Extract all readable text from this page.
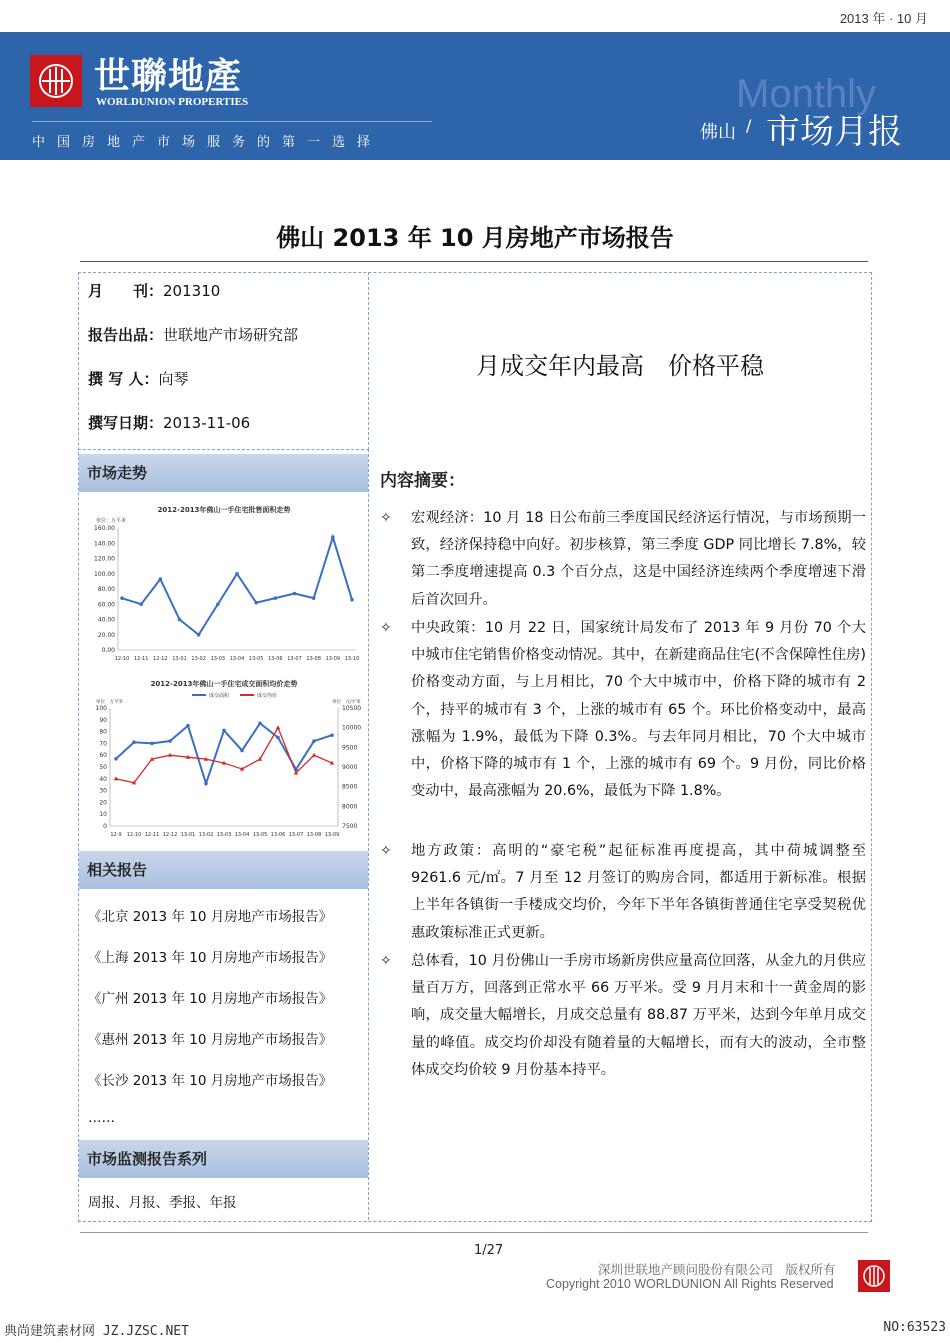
2013 年 · 10 月
世聯地產
WORLDUNION PROPERTIES
中国房地产市场服务的第一选择
Monthly
佛山 / 市场月报
佛山 2013 年 10 月房地产市场报告
月　　刊：201310
报告出品：世联地产市场研究部
撰 写 人：向琴
撰写日期：2013-11-06
月成交年内最高　价格平稳
市场走势
2012-2013年佛山一手住宅批售面积走势
单位：万平米
160.00
140.00
120.00
100.00
80.00
60.00
40.00
20.00
0.00
12-10 12-11 12-12 13-01 13-02 13-03 13-04 13-05 13-06 13-07 13-08 13-09 13-10
2012-2013年佛山一手住宅成交面积均价走势
成交面积	成交均价
单位：万平米	单位：元/平米
100
90
80
70
60
50
40
30
20
10
0
10500
10000
9500
9000
8500
8000
7500
12-9 12-10 12-11 12-12 13-01 13-02 13-03 13-04 13-05 13-06 13-07 13-08 13-09
相关报告
《北京 2013 年 10 月房地产市场报告》
《上海 2013 年 10 月房地产市场报告》
《广州 2013 年 10 月房地产市场报告》
《惠州 2013 年 10 月房地产市场报告》
《长沙 2013 年 10 月房地产市场报告》
……
市场监测报告系列
周报、月报、季报、年报
内容摘要：
✧ 宏观经济：10 月 18 日公布前三季度国民经济运行情况，与市场预期一致，经济保持稳中向好。初步核算，第三季度 GDP 同比增长 7.8%，较第二季度增速提高 0.3 个百分点，这是中国经济连续两个季度增速下滑后首次回升。
✧ 中央政策：10 月 22 日，国家统计局发布了 2013 年 9 月份 70 个大中城市住宅销售价格变动情况。其中，在新建商品住宅(不含保障性住房)价格变动方面，与上月相比，70 个大中城市中，价格下降的城市有 2 个，持平的城市有 3 个，上涨的城市有 65 个。环比价格变动中，最高涨幅为 1.9%，最低为下降 0.3%。与去年同月相比，70 个大中城市中，价格下降的城市有 1 个，上涨的城市有 69 个。9 月份，同比价格变动中，最高涨幅为 20.6%，最低为下降 1.8%。
✧ 地方政策：高明的“豪宅税”起征标准再度提高，其中荷城调整至 9261.6 元/㎡。7 月至 12 月签订的购房合同，都适用于新标准。根据上半年各镇街一手楼成交均价，今年下半年各镇街普通住宅享受契税优惠政策标准正式更新。
✧ 总体看，10 月份佛山一手房市场新房供应量高位回落，从金九的月供应量百万方，回落到正常水平 66 万平米。受 9 月月末和十一黄金周的影响，成交量大幅增长，月成交总量有 88.87 万平米，达到今年单月成交量的峰值。成交均价却没有随着量的大幅增长，而有大的波动，全市整体成交均价较 9 月份基本持平。
1/27
深圳世联地产顾问股份有限公司　版权所有
Copyright 2010 WORLDUNION All Rights Reserved
典尚建筑素材网 JZ.JZSC.NET	NO:63523
